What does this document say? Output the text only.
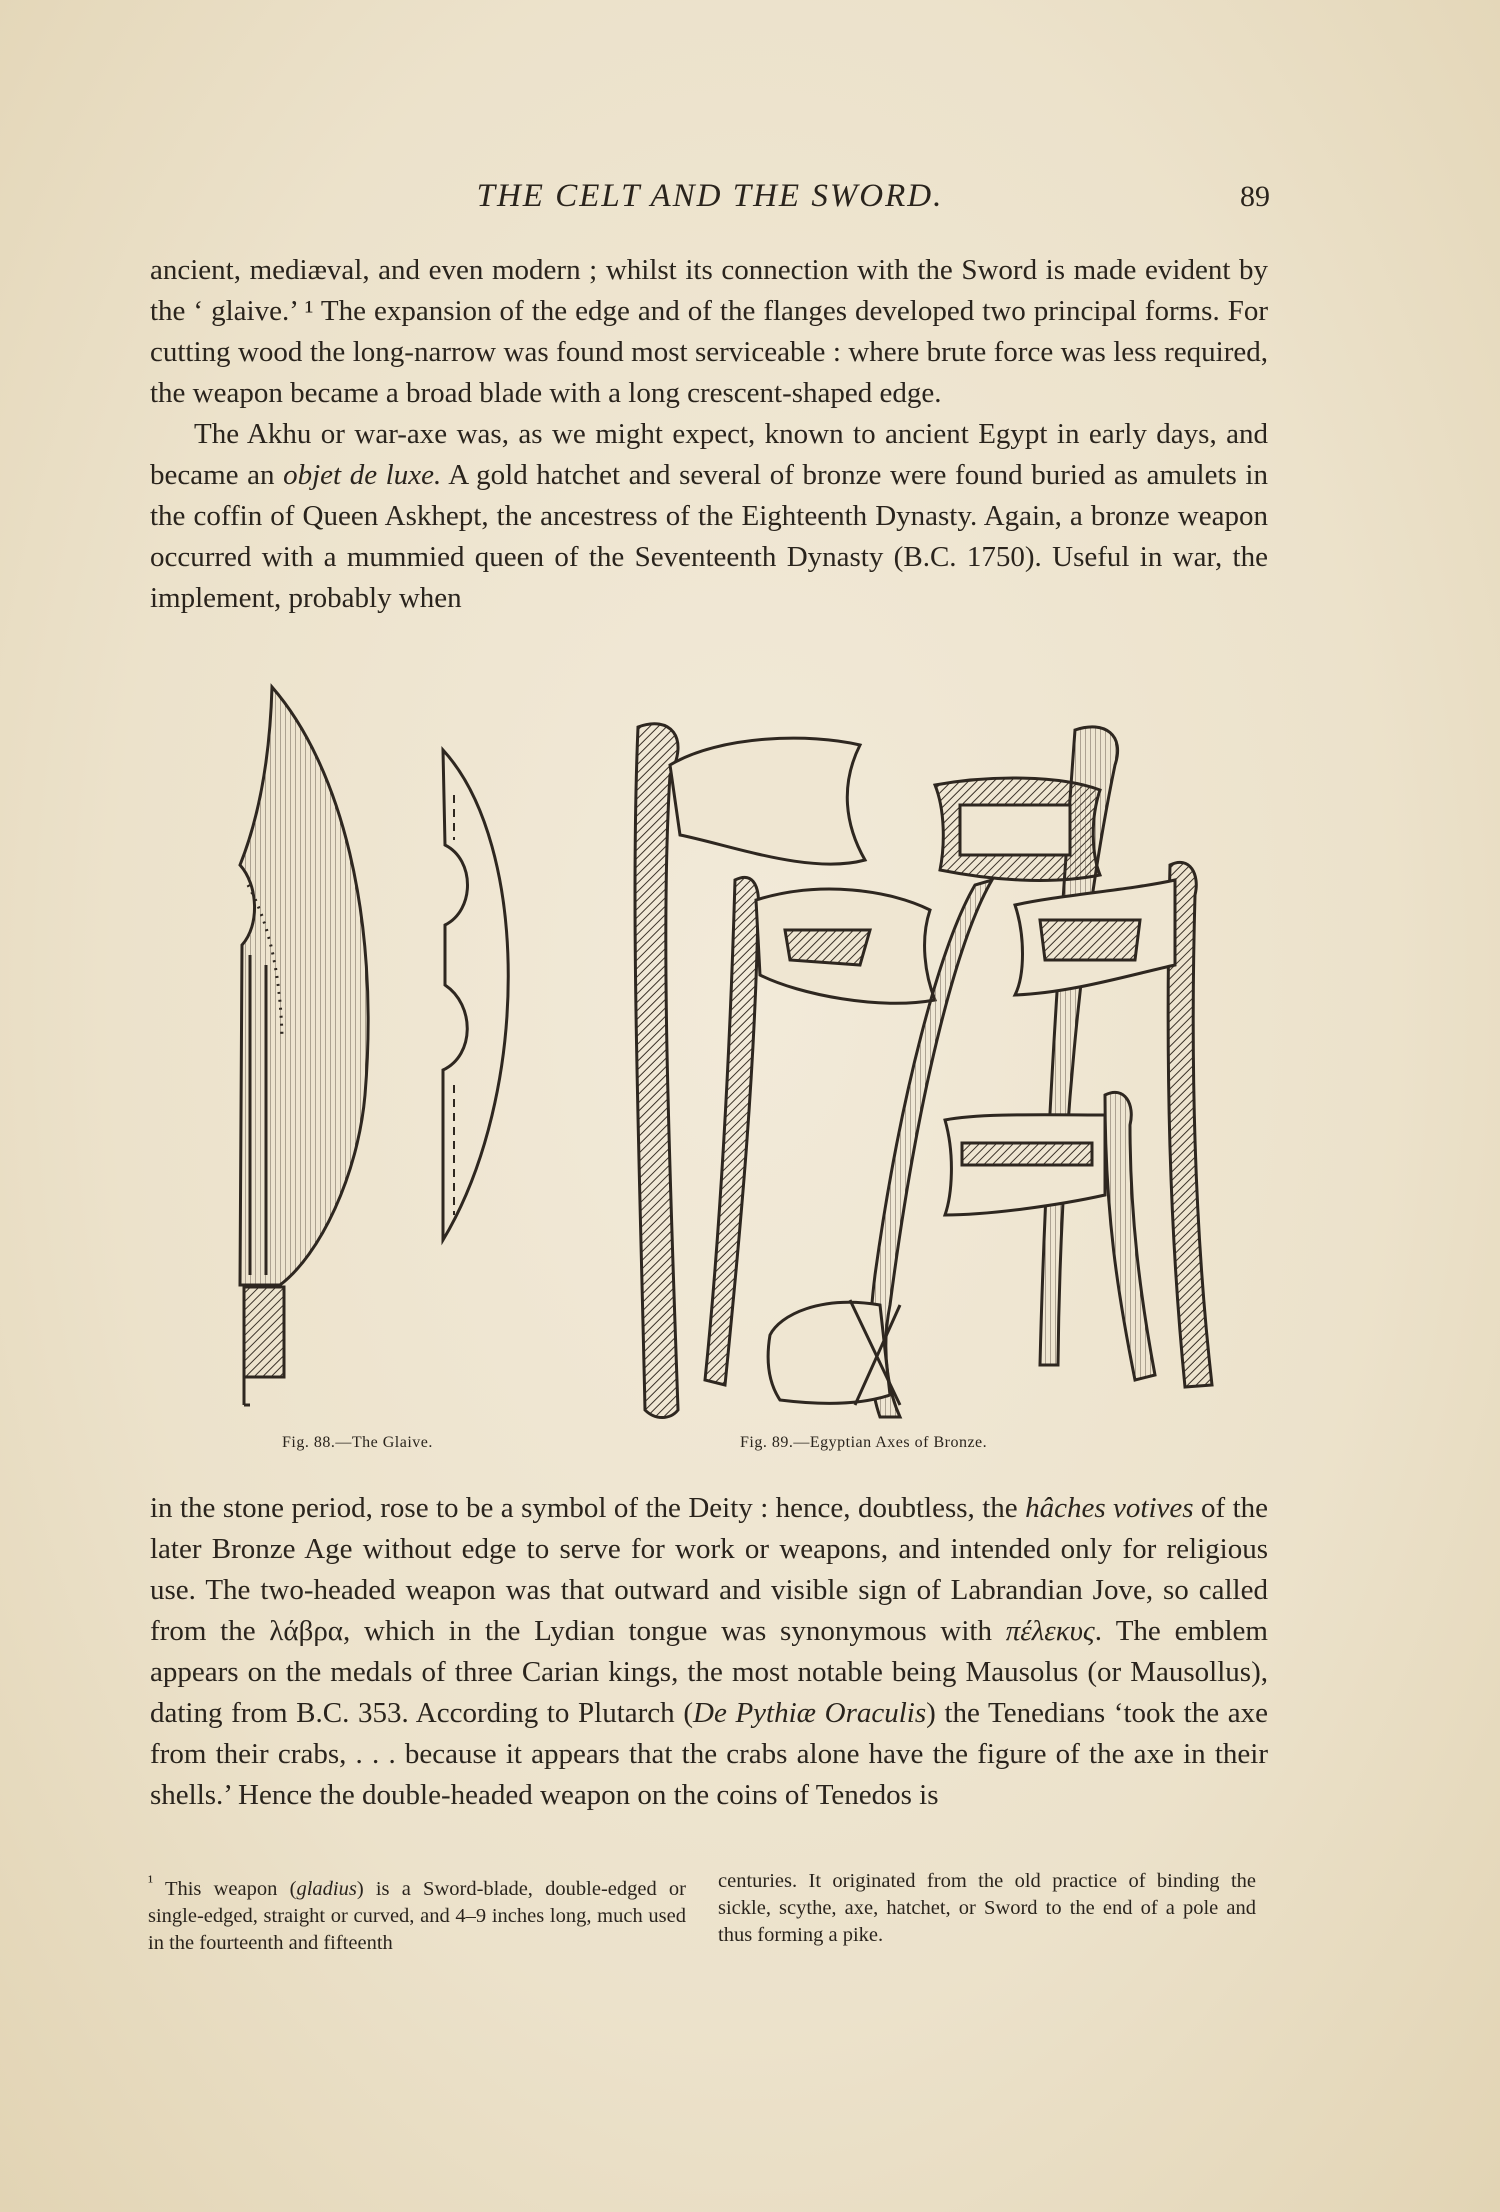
THE CELT AND THE SWORD.	89

ancient, mediæval, and even modern ; whilst its connection with the Sword is made evident by the ‘ glaive.’ ¹ The expansion of the edge and of the flanges developed two principal forms. For cutting wood the long-narrow was found most serviceable : where brute force was less required, the weapon became a broad blade with a long crescent-shaped edge.

The Akhu or war-axe was, as we might expect, known to ancient Egypt in early days, and became an objet de luxe. A gold hatchet and several of bronze were found buried as amulets in the coffin of Queen Askhept, the ancestress of the Eighteenth Dynasty. Again, a bronze weapon occurred with a mummied queen of the Seventeenth Dynasty (B.C. 1750). Useful in war, the implement, probably when

Fig. 88.—The Glaive.	Fig. 89.—Egyptian Axes of Bronze.

in the stone period, rose to be a symbol of the Deity : hence, doubtless, the hâches votives of the later Bronze Age without edge to serve for work or weapons, and intended only for religious use. The two-headed weapon was that outward and visible sign of Labrandian Jove, so called from the λάβρα, which in the Lydian tongue was synonymous with πέλεκυς. The emblem appears on the medals of three Carian kings, the most notable being Mausolus (or Mausollus), dating from B.C. 353. According to Plutarch (De Pythiæ Oraculis) the Tenedians ‘took the axe from their crabs, . . . because it appears that the crabs alone have the figure of the axe in their shells.’ Hence the double-headed weapon on the coins of Tenedos is

$^{^1}$ This weapon (gladius) is a Sword-blade, double-edged or single-edged, straight or curved, and 4–9 inches long, much used in the fourteenth and fifteenth
centuries. It originated from the old practice of binding the sickle, scythe, axe, hatchet, or Sword to the end of a pole and thus forming a pike.
